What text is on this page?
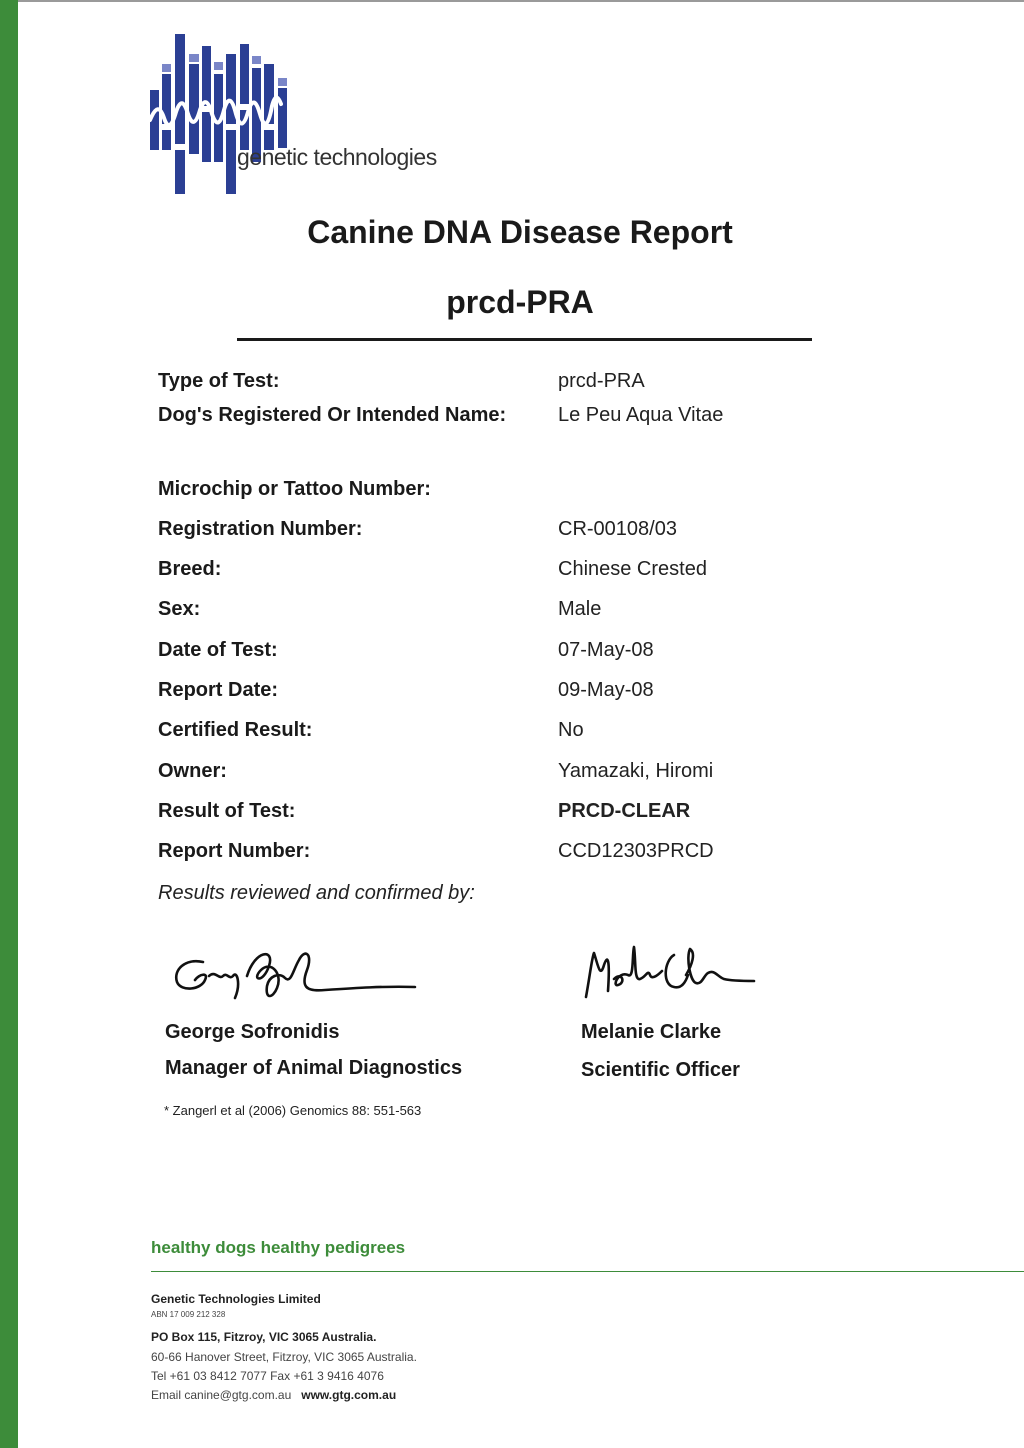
genetic technologies
Canine DNA Disease Report
prcd-PRA
Type of Test:	prcd-PRA
Dog's Registered Or Intended Name:	Le Peu Aqua Vitae
Microchip or Tattoo Number:
Registration Number:	CR-00108/03
Breed:	Chinese Crested
Sex:	Male
Date of Test:	07-May-08
Report Date:	09-May-08
Certified Result:	No
Owner:	Yamazaki, Hiromi
Result of Test:	PRCD-CLEAR
Report Number:	CCD12303PRCD
Results reviewed and confirmed by:
George Sofronidis
Manager of Animal Diagnostics
Melanie Clarke
Scientific Officer
* Zangerl et al (2006) Genomics 88: 551-563
healthy dogs healthy pedigrees
Genetic Technologies Limited
ABN 17 009 212 328
PO Box 115, Fitzroy, VIC 3065 Australia.
60-66 Hanover Street, Fitzroy, VIC 3065 Australia.
Tel +61 03 8412 7077 Fax +61 3 9416 4076
Email canine@gtg.com.au www.gtg.com.au
